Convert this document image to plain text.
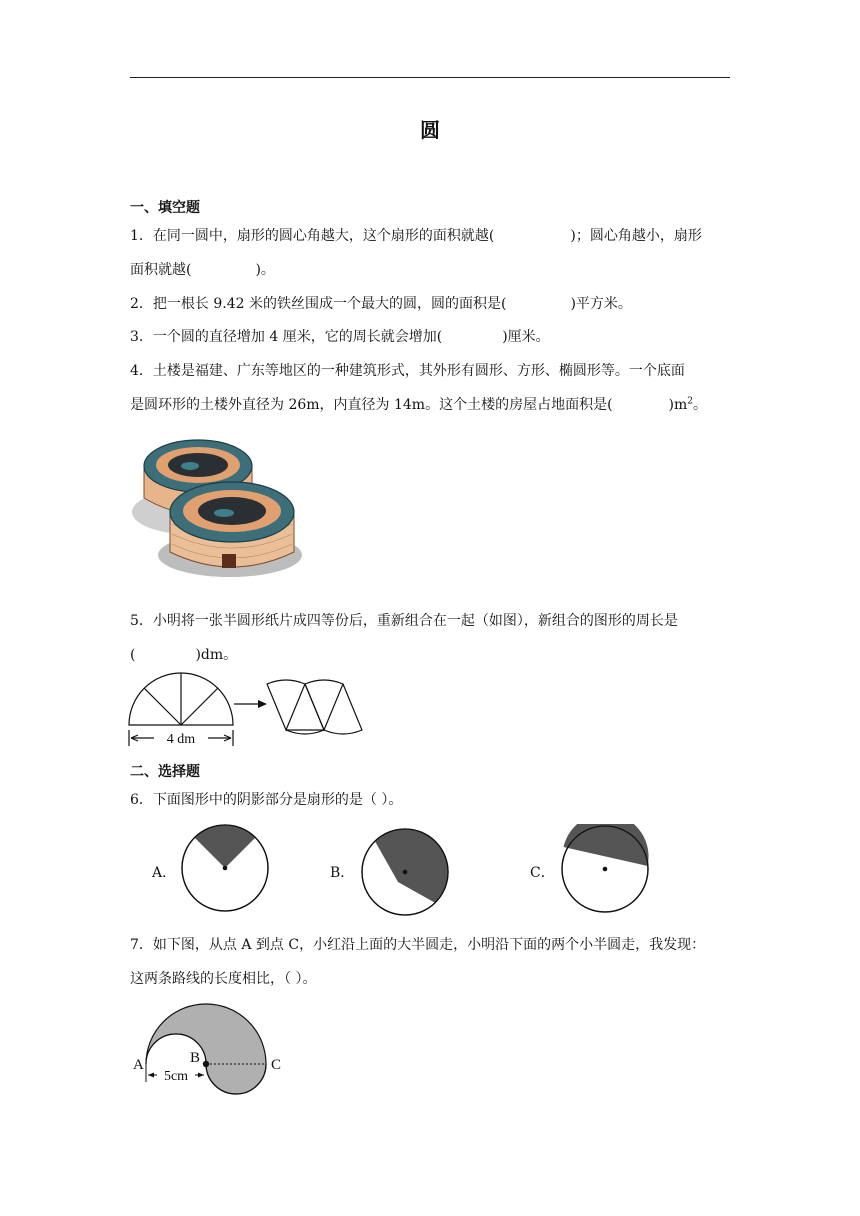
圆
一、填空题
1．在同一圆中，扇形的圆心角越大，这个扇形的面积就越(	)；圆心角越小，扇形
面积就越(	)。
2．把一根长 9.42 米的铁丝围成一个最大的圆，圆的面积是(	)平方米。
3．一个圆的直径增加 4 厘米，它的周长就会增加(	)厘米。
4．土楼是福建、广东等地区的一种建筑形式，其外形有圆形、方形、椭圆形等。一个底面
是圆环形的土楼外直径为 26m，内直径为 14m。这个土楼的房屋占地面积是(	)$m^2$。
5．小明将一张半圆形纸片成四等份后，重新组合在一起（如图），新组合的图形的周长是
(	)dm。
4 dm
二、选择题
6．下面图形中的阴影部分是扇形的是（ ）。
A．	B．	C．
7．如下图，从点 A 到点 C，小红沿上面的大半圆走，小明沿下面的两个小半圆走，我发现：
这两条路线的长度相比，（ ）。
A	B	C
5cm
